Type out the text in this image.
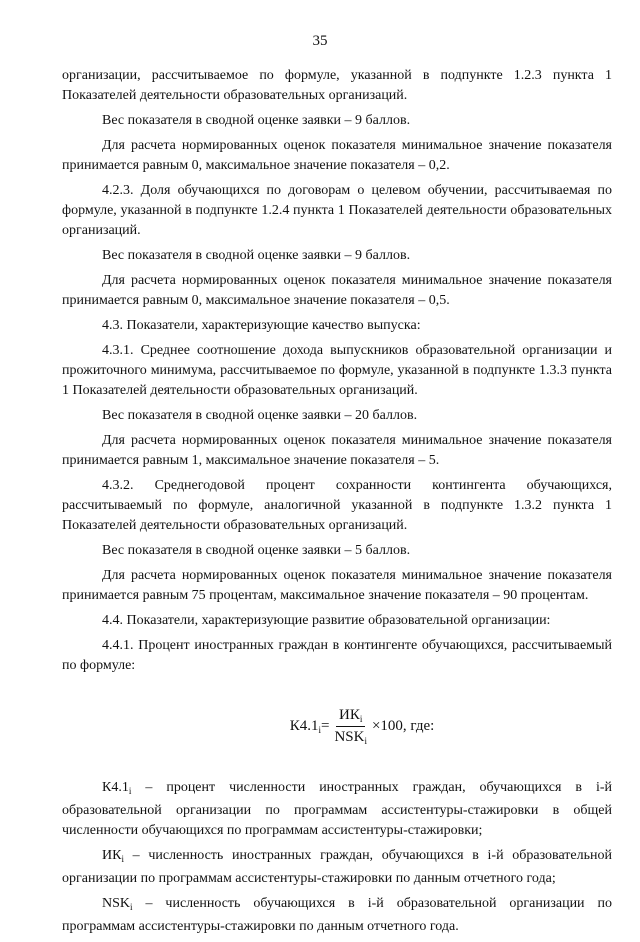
35

организации, рассчитываемое по формуле, указанной в подпункте 1.2.3 пункта 1 Показателей деятельности образовательных организаций.

Вес показателя в сводной оценке заявки – 9 баллов.

Для расчета нормированных оценок показателя минимальное значение показателя принимается равным 0, максимальное значение показателя – 0,2.

4.2.3. Доля обучающихся по договорам о целевом обучении, рассчитываемая по формуле, указанной в подпункте 1.2.4 пункта 1 Показателей деятельности образовательных организаций.

Вес показателя в сводной оценке заявки – 9 баллов.

Для расчета нормированных оценок показателя минимальное значение показателя принимается равным 0, максимальное значение показателя – 0,5.

4.3. Показатели, характеризующие качество выпуска:

4.3.1. Среднее соотношение дохода выпускников образовательной организации и прожиточного минимума, рассчитываемое по формуле, указанной в подпункте 1.3.3 пункта 1 Показателей деятельности образовательных организаций.

Вес показателя в сводной оценке заявки – 20 баллов.

Для расчета нормированных оценок показателя минимальное значение показателя принимается равным 1, максимальное значение показателя – 5.

4.3.2. Среднегодовой процент сохранности контингента обучающихся, рассчитываемый по формуле, аналогичной указанной в подпункте 1.3.2 пункта 1 Показателей деятельности образовательных организаций.

Вес показателя в сводной оценке заявки – 5 баллов.

Для расчета нормированных оценок показателя минимальное значение показателя принимается равным 75 процентам, максимальное значение показателя – 90 процентам.

4.4. Показатели, характеризующие развитие образовательной организации:

4.4.1. Процент иностранных граждан в контингенте обучающихся, рассчитываемый по формуле:

$К4.1_i = \frac{ИК_i}{NSK_i} \times 100$, где:

$К4.1_i$ – процент численности иностранных граждан, обучающихся в i-й образовательной организации по программам ассистентуры-стажировки в общей численности обучающихся по программам ассистентуры-стажировки;

$ИК_i$ – численность иностранных граждан, обучающихся в i-й образовательной организации по программам ассистентуры-стажировки по данным отчетного года;

$NSK_i$ – численность обучающихся в i-й образовательной организации по программам ассистентуры-стажировки по данным отчетного года.
